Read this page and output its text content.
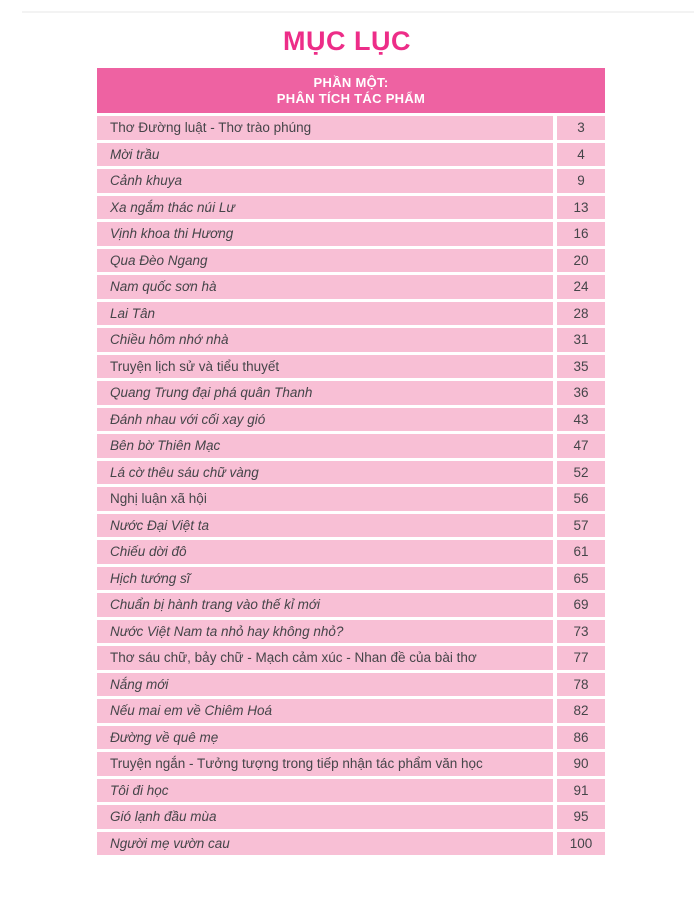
MỤC LỤC
PHẦN MỘT:
PHÂN TÍCH TÁC PHẨM
Thơ Đường luật - Thơ trào phúng	3
Mời trầu	4
Cảnh khuya	9
Xa ngắm thác núi Lư	13
Vịnh khoa thi Hương	16
Qua Đèo Ngang	20
Nam quốc sơn hà	24
Lai Tân	28
Chiều hôm nhớ nhà	31
Truyện lịch sử và tiểu thuyết	35
Quang Trung đại phá quân Thanh	36
Đánh nhau với cối xay gió	43
Bên bờ Thiên Mạc	47
Lá cờ thêu sáu chữ vàng	52
Nghị luận xã hội	56
Nước Đại Việt ta	57
Chiếu dời đô	61
Hịch tướng sĩ	65
Chuẩn bị hành trang vào thế kỉ mới	69
Nước Việt Nam ta nhỏ hay không nhỏ?	73
Thơ sáu chữ, bảy chữ - Mạch cảm xúc - Nhan đề của bài thơ	77
Nắng mới	78
Nếu mai em về Chiêm Hoá	82
Đường về quê mẹ	86
Truyện ngắn - Tưởng tượng trong tiếp nhận tác phẩm văn học	90
Tôi đi học	91
Gió lạnh đầu mùa	95
Người mẹ vườn cau	100
